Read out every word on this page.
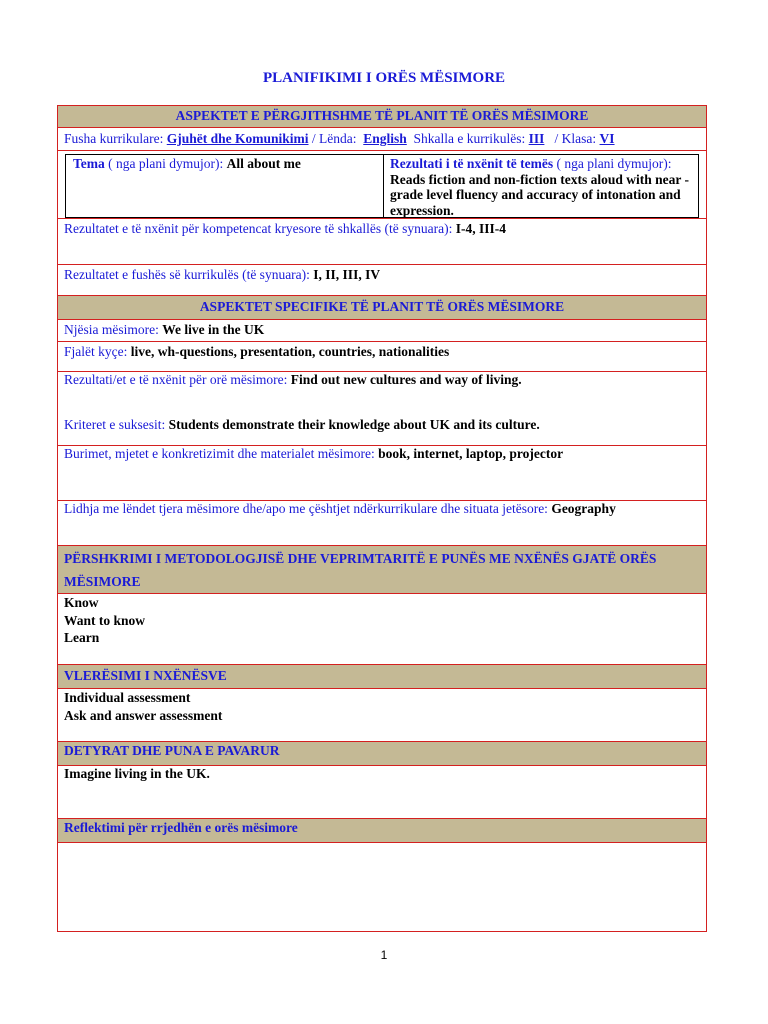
PLANIFIKIMI I ORËS MËSIMORE
ASPEKTET E PËRGJITHSHME TË PLANIT TË ORËS MËSIMORE
Fusha kurrikulare: Gjuhët dhe Komunikimi / Lënda: English Shkalla e kurrikulës: III   / Klasa: VI
Tema ( nga plani dymujor): All about me	Rezultati i të nxënit të temës ( nga plani dymujor): Reads fiction and non-fiction texts aloud with near - grade level fluency and accuracy of intonation and expression.
Rezultatet e të nxënit për kompetencat kryesore të shkallës (të synuara): I-4, III-4
Rezultatet e fushës së kurrikulës (të synuara): I, II, III, IV
ASPEKTET SPECIFIKE TË PLANIT TË ORËS MËSIMORE
Njësia mësimore: We live in the UK
Fjalët kyçe: live, wh-questions, presentation, countries, nationalities
Rezultati/et e të nxënit për orë mësimore: Find out new cultures and way of living.
Kriteret e suksesit: Students demonstrate their knowledge about UK and its culture.
Burimet, mjetet e konkretizimit dhe materialet mësimore: book, internet, laptop, projector
Lidhja me lëndet tjera mësimore dhe/apo me çështjet ndërkurrikulare dhe situata jetësore: Geography
PËRSHKRIMI I METODOLOGJISË DHE VEPRIMTARITË E PUNËS ME NXËNËS GJATË ORËS MËSIMORE
Know
Want to know
Learn
VLERËSIMI I NXËNËSVE
Individual assessment
Ask and answer assessment
DETYRAT DHE PUNA E PAVARUR
Imagine living in the UK.
Reflektimi për rrjedhën e orës mësimore
1
